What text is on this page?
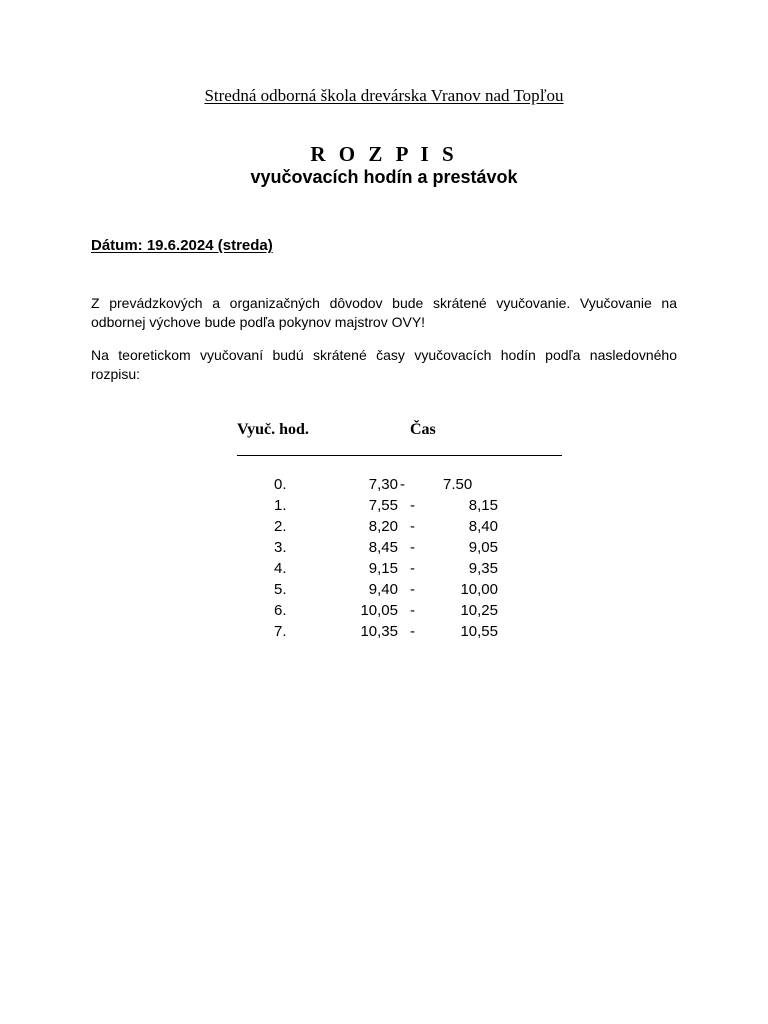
Stredná odborná škola drevárska Vranov nad Topľou
R O Z P I S
vyučovacích hodín a prestávok
Dátum: 19.6.2024 (streda)
Z prevádzkových a organizačných dôvodov bude skrátené vyučovanie. Vyučovanie na odbornej výchove bude podľa pokynov majstrov OVY!
Na teoretickom vyučovaní budú skrátené časy vyučovacích hodín podľa nasledovného rozpisu:
Vyuč. hod.	Čas
0.	7,30 -	7.50
1.	7,55 -	8,15
2.	8,20 -	8,40
3.	8,45 -	9,05
4.	9,15 -	9,35
5.	9,40 -	10,00
6.	10,05 -	10,25
7.	10,35 -	10,55
